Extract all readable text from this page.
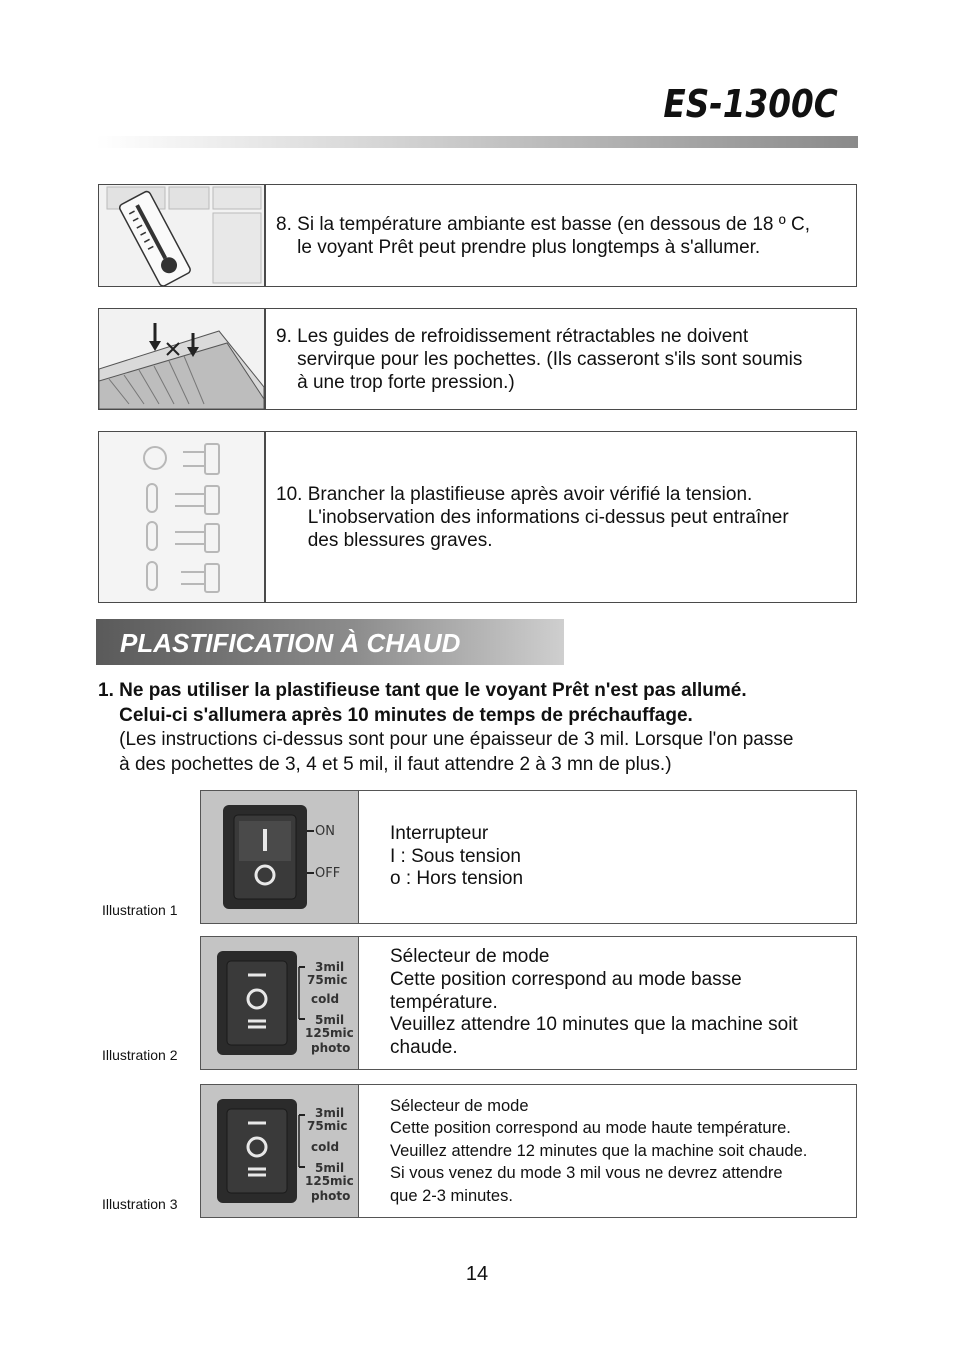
ES-1300C
8.
Si la température ambiante est basse (en dessous de 18 º C,
le voyant Prêt peut prendre plus longtemps à s'allumer.
9.
Les guides de refroidissement rétractables ne doivent
servirque pour les pochettes. (Ils casseront s'ils sont soumis
à une trop forte pression.)
10.
Brancher la plastifieuse après avoir vérifié la tension.
L'inobservation des informations ci-dessus peut entraîner
des blessures graves.
PLASTIFICATION À CHAUD
1.
Ne pas utiliser la plastifieuse tant que le voyant Prêt n'est pas allumé.
Celui-ci s'allumera après 10 minutes de temps de préchauffage.
(Les instructions ci-dessus sont pour une épaisseur de 3 mil. Lorsque l'on passe
à des pochettes de 3, 4 et 5 mil, il faut attendre 2 à 3 mn de plus.)
Illustration 1
ON
OFF
Interrupteur
I : Sous tension
o : Hors tension
Illustration 2
3mil
75mic
cold
5mil
125mic
photo
Sélecteur de mode
Cette position correspond au mode basse
température.
Veuillez attendre 10 minutes que la machine soit
chaude.
Illustration 3
3mil
75mic
cold
5mil
125mic
photo
Sélecteur de mode
Cette position correspond au mode haute température.
Veuillez attendre 12 minutes que la machine soit chaude.
Si vous venez du mode 3 mil vous ne devrez attendre
que 2-3 minutes.
14
